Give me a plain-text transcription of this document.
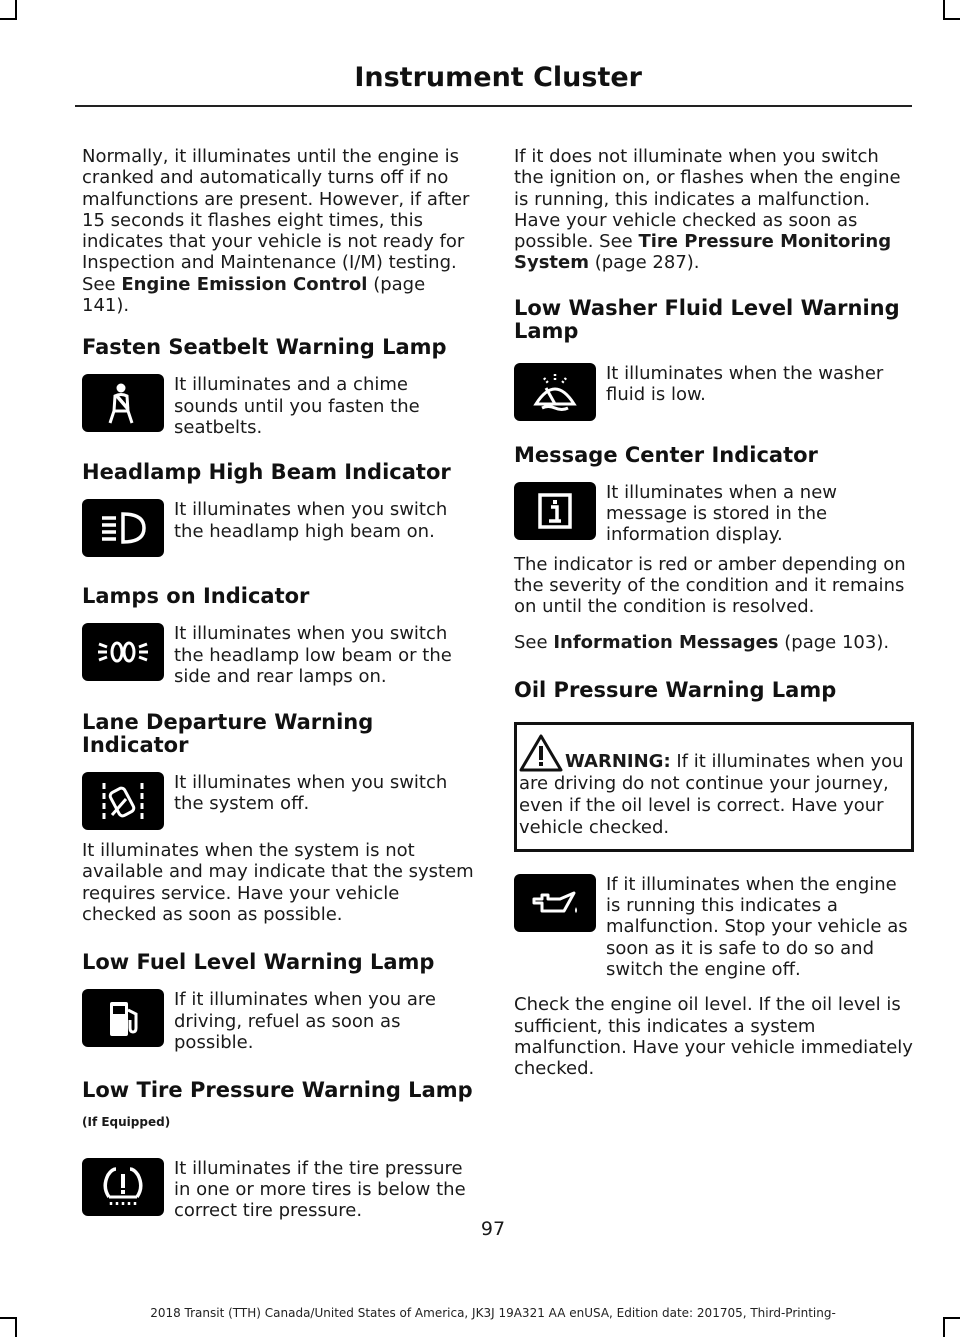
Instrument Cluster

Normally, it illuminates until the engine is cranked and automatically turns off if no malfunctions are present. However, if after 15 seconds it flashes eight times, this indicates that your vehicle is not ready for Inspection and Maintenance (I/M) testing. See Engine Emission Control (page 141).

Fasten Seatbelt Warning Lamp

It illuminates and a chime sounds until you fasten the seatbelts.

Headlamp High Beam Indicator

It illuminates when you switch the headlamp high beam on.

Lamps on Indicator

It illuminates when you switch the headlamp low beam or the side and rear lamps on.

Lane Departure Warning Indicator

It illuminates when you switch the system off.

It illuminates when the system is not available and may indicate that the system requires service. Have your vehicle checked as soon as possible.

Low Fuel Level Warning Lamp

If it illuminates when you are driving, refuel as soon as possible.

Low Tire Pressure Warning Lamp

(If Equipped)

It illuminates if the tire pressure in one or more tires is below the correct tire pressure.

If it does not illuminate when you switch the ignition on, or flashes when the engine is running, this indicates a malfunction. Have your vehicle checked as soon as possible. See Tire Pressure Monitoring System (page 287).

Low Washer Fluid Level Warning Lamp

It illuminates when the washer fluid is low.

Message Center Indicator

It illuminates when a new message is stored in the information display.

The indicator is red or amber depending on the severity of the condition and it remains on until the condition is resolved.

See Information Messages (page 103).

Oil Pressure Warning Lamp

WARNING: If it illuminates when you are driving do not continue your journey, even if the oil level is correct. Have your vehicle checked.

If it illuminates when the engine is running this indicates a malfunction. Stop your vehicle as soon as it is safe to do so and switch the engine off.

Check the engine oil level. If the oil level is sufficient, this indicates a system malfunction. Have your vehicle immediately checked.

97
2018 Transit (TTH) Canada/United States of America, JK3J 19A321 AA enUSA, Edition date: 201705, Third-Printing-
